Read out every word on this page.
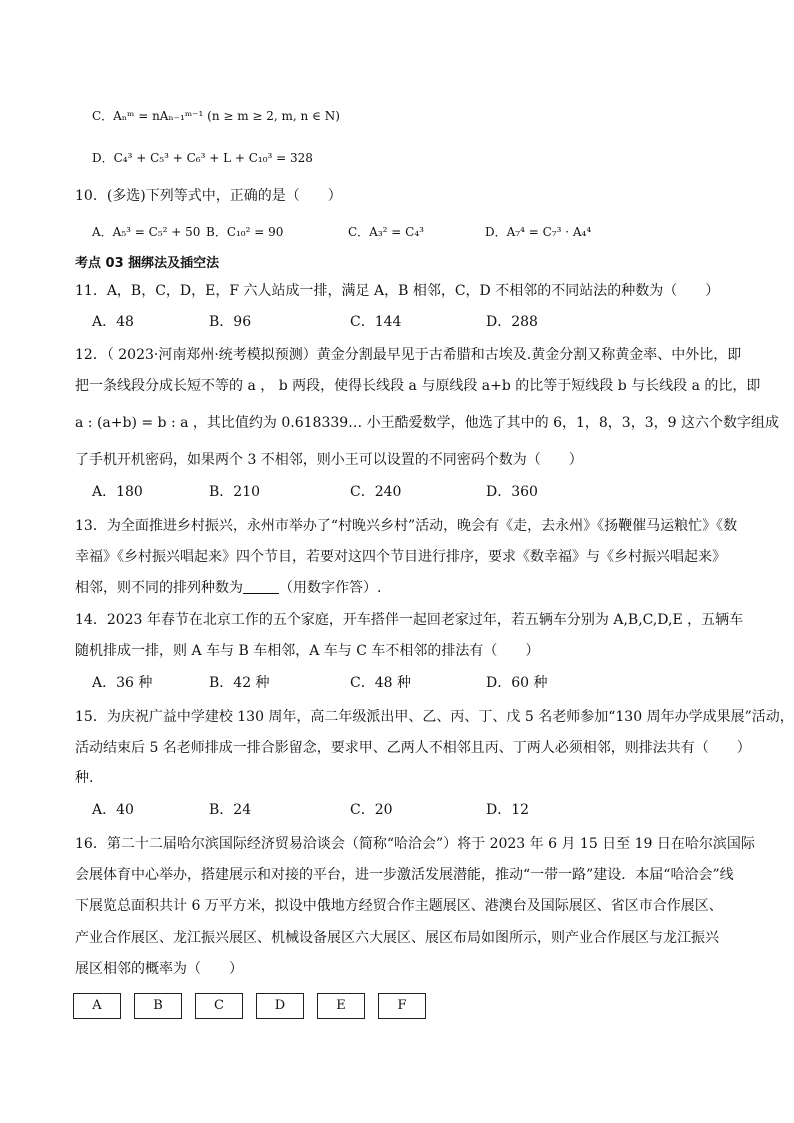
C．Aₙᵐ = nAₙ₋₁ᵐ⁻¹ (n ≥ m ≥ 2, m, n ∈ N)
D．C₄³ + C₅³ + C₆³ + L + C₁₀³ = 328
10．(多选)下列等式中，正确的是（　　）
A．A₅³ = C₅² + 50 B．C₁₀² = 90	C．A₃² = C₄³	D．A₇⁴ = C₇³ · A₄⁴
考点 03 捆绑法及插空法
11．A，B，C，D，E，F 六人站成一排，满足 A，B 相邻，C，D 不相邻的不同站法的种数为（　　）
A．48	B．96	C．144	D．288
12．（ 2023·河南郑州·统考模拟预测）黄金分割最早见于古希腊和古埃及.黄金分割又称黄金率、中外比，即
把一条线段分成长短不等的 a ， b 两段，使得长线段 a 与原线段 a+b 的比等于短线段 b 与长线段 a 的比，即
a : (a+b) = b : a ，其比值约为 0.618339… 小王酷爱数学，他选了其中的 6，1，8，3，3，9 这六个数字组成
了手机开机密码，如果两个 3 不相邻，则小王可以设置的不同密码个数为（　　）
A．180	B．210	C．240	D．360
13．为全面推进乡村振兴，永州市举办了“村晚兴乡村”活动，晚会有《走，去永州》《扬鞭催马运粮忙》《数
幸福》《乡村振兴唱起来》四个节目，若要对这四个节目进行排序，要求《数幸福》与《乡村振兴唱起来》
相邻，则不同的排列种数为	（用数字作答）.
14．2023 年春节在北京工作的五个家庭，开车搭伴一起回老家过年，若五辆车分别为 A,B,C,D,E ，五辆车
随机排成一排，则 A 车与 B 车相邻，A 车与 C 车不相邻的排法有（　　）
A．36 种	B．42 种	C．48 种	D．60 种
15．为庆祝广益中学建校 130 周年，高二年级派出甲、乙、丙、丁、戊 5 名老师参加“130 周年办学成果展”活动，
活动结束后 5 名老师排成一排合影留念，要求甲、乙两人不相邻且丙、丁两人必须相邻，则排法共有（　　）
种.
A．40	B．24	C．20	D．12
16．第二十二届哈尔滨国际经济贸易洽谈会（简称“哈洽会”）将于 2023 年 6 月 15 日至 19 日在哈尔滨国际
会展体育中心举办，搭建展示和对接的平台，进一步激活发展潜能，推动“一带一路”建设．本届“哈洽会”线
下展览总面积共计 6 万平方米，拟设中俄地方经贸合作主题展区、港澳台及国际展区、省区市合作展区、
产业合作展区、龙江振兴展区、机械设备展区六大展区、展区布局如图所示，则产业合作展区与龙江振兴
展区相邻的概率为（　　）
A	B	C	D	E	F
